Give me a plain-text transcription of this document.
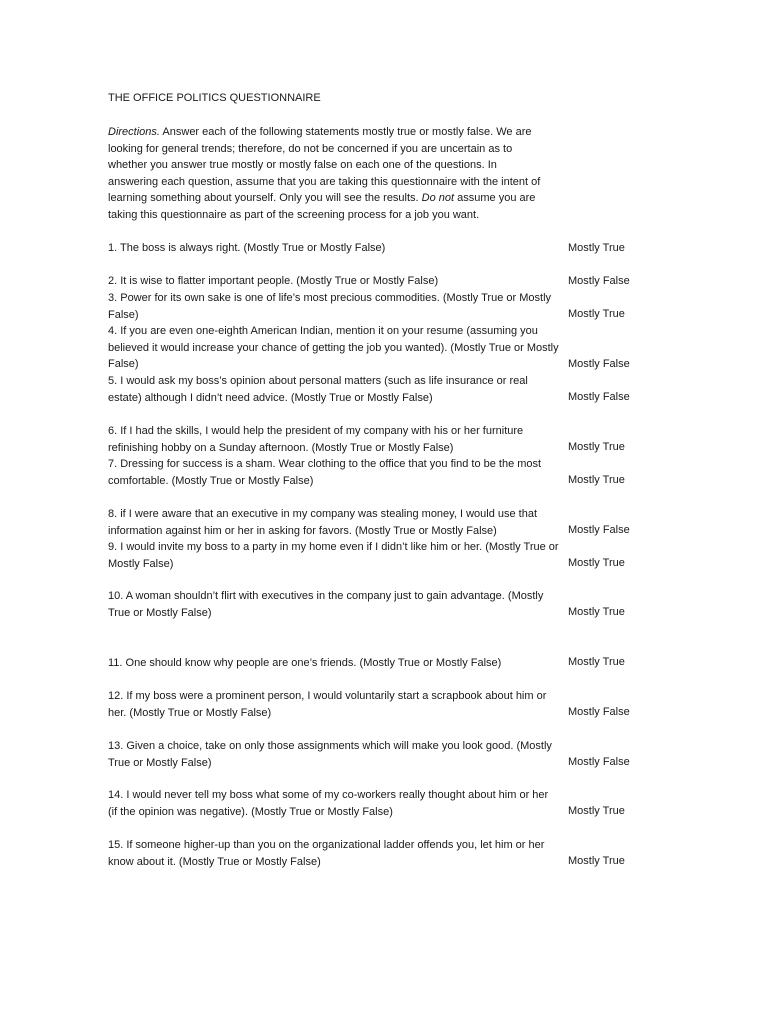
THE OFFICE POLITICS QUESTIONNAIRE
Directions. Answer each of the following statements mostly true or mostly false. We are looking for general trends; therefore, do not be concerned if you are uncertain as to whether you answer true mostly or mostly false on each one of the questions. In answering each question, assume that you are taking this questionnaire with the intent of learning something about yourself. Only you will see the results. Do not assume you are taking this questionnaire as part of the screening process for a job you want.
1. The boss is always right. (Mostly True or Mostly False)	Mostly True
2. It is wise to flatter important people. (Mostly True or Mostly False)	Mostly False
3. Power for its own sake is one of life’s most precious commodities. (Mostly True or Mostly False)	Mostly True
4. If you are even one-eighth American Indian, mention it on your resume (assuming you believed it would increase your chance of getting the job you wanted). (Mostly True or Mostly False)	Mostly False
5. I would ask my boss’s opinion about personal matters (such as life insurance or real estate) although I didn’t need advice. (Mostly True or Mostly False)	Mostly False
6. If I had the skills, I would help the president of my company with his or her furniture refinishing hobby on a Sunday afternoon. (Mostly True or Mostly False)	Mostly True
7. Dressing for success is a sham. Wear clothing to the office that you find to be the most comfortable. (Mostly True or Mostly False)	Mostly True
8. if I were aware that an executive in my company was stealing money, I would use that information against him or her in asking for favors. (Mostly True or Mostly False)	Mostly False
9. I would invite my boss to a party in my home even if I didn’t like him or her. (Mostly True or Mostly False)	Mostly True
10. A woman shouldn’t flirt with executives in the company just to gain advantage. (Mostly True or Mostly False)	Mostly True
11. One should know why people are one’s friends. (Mostly True or Mostly False)	Mostly True
12. If my boss were a prominent person, I would voluntarily start a scrapbook about him or her. (Mostly True or Mostly False)	Mostly False
13. Given a choice, take on only those assignments which will make you look good. (Mostly True or Mostly False)	Mostly False
14. I would never tell my boss what some of my co-workers really thought about him or her (if the opinion was negative). (Mostly True or Mostly False)	Mostly True
15. If someone higher-up than you on the organizational ladder offends you, let him or her know about it. (Mostly True or Mostly False)	Mostly True
